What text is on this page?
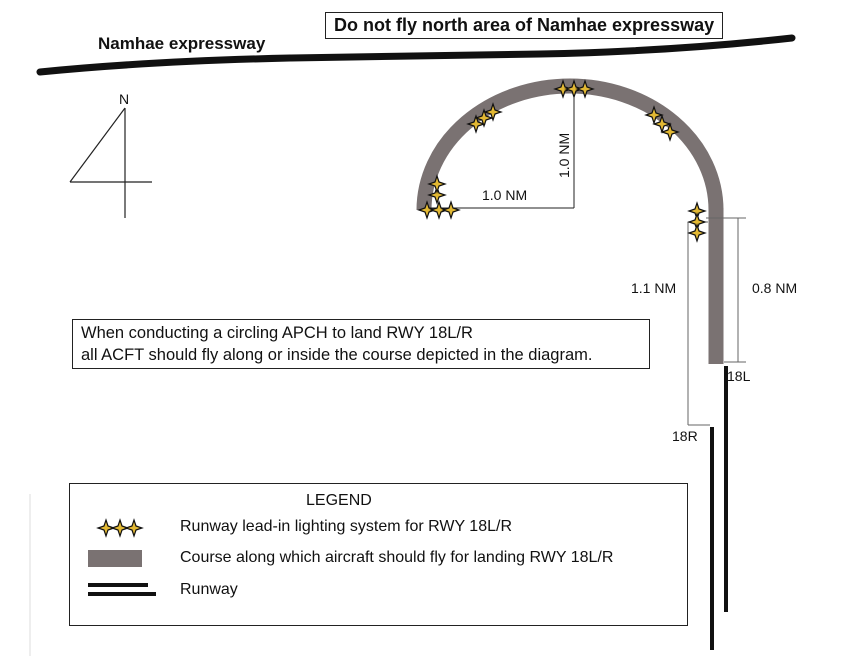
N
1.0 NM
1.0 NM
1.1 NM	0.8 NM
18L
18R
Do not fly north area of Namhae expressway
Namhae expressway
When conducting a circling APCH to land RWY 18L/R
all ACFT should fly along or inside the course depicted in the diagram.
LEGEND
Runway lead-in lighting system for RWY 18L/R
Course along which aircraft should fly for landing RWY 18L/R
Runway
